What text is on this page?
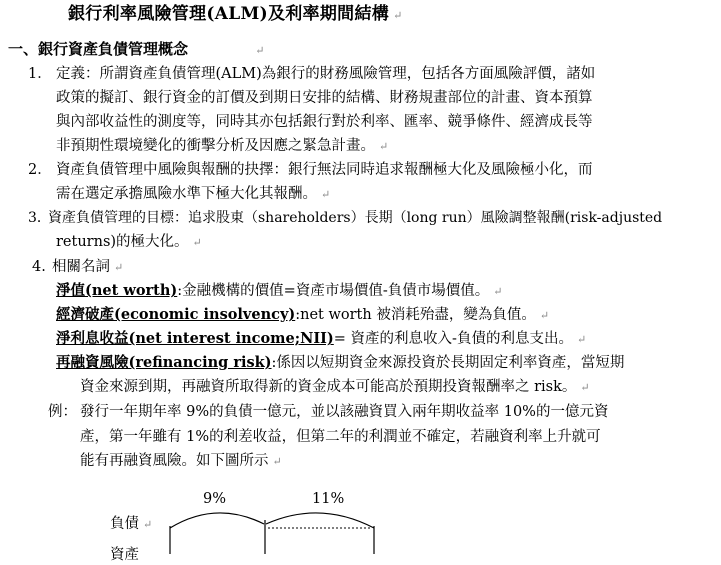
銀行利率風險管理(ALM)及利率期間結構 ↵
一、銀行資產負債管理概念	↵
1． 定義：所謂資產負債管理(ALM)為銀行的財務風險管理，包括各方面風險評價，諸如
政策的擬訂、銀行資金的訂價及到期日安排的結構、財務規畫部位的計畫、資本預算
與內部收益性的測度等，同時其亦包括銀行對於利率、匯率、競爭條件、經濟成長等
非預期性環境變化的衝擊分析及因應之緊急計畫。 ↵
2． 資產負債管理中風險與報酬的抉擇：銀行無法同時追求報酬極大化及風險極小化，而
需在選定承擔風險水準下極大化其報酬。 ↵
3．
資產負債管理的目標：追求股東（shareholders）長期（long run）風險調整報酬(risk-adjusted
returns)的極大化。 ↵
4. 相關名詞 ↵
淨值(net worth):金融機構的價值=資產市場價值-負債市場價值。 ↵
經濟破產(economic insolvency):net worth 被消耗殆盡，變為負值。 ↵
淨利息收益(net interest income;NII)= 資產的利息收入-負債的利息支出。 ↵
再融資風險(refinancing risk):係因以短期資金來源投資於長期固定利率資產，當短期
資金來源到期，再融資所取得新的資金成本可能高於預期投資報酬率之 risk。 ↵
例： 發行一年期年率 9%的負債一億元，並以該融資買入兩年期收益率 10%的一億元資
產，第一年雖有 1%的利差收益，但第二年的利潤並不確定，若融資利率上升就可
能有再融資風險。如下圖所示 ↵
9%	11%
負債 ↵
資產
